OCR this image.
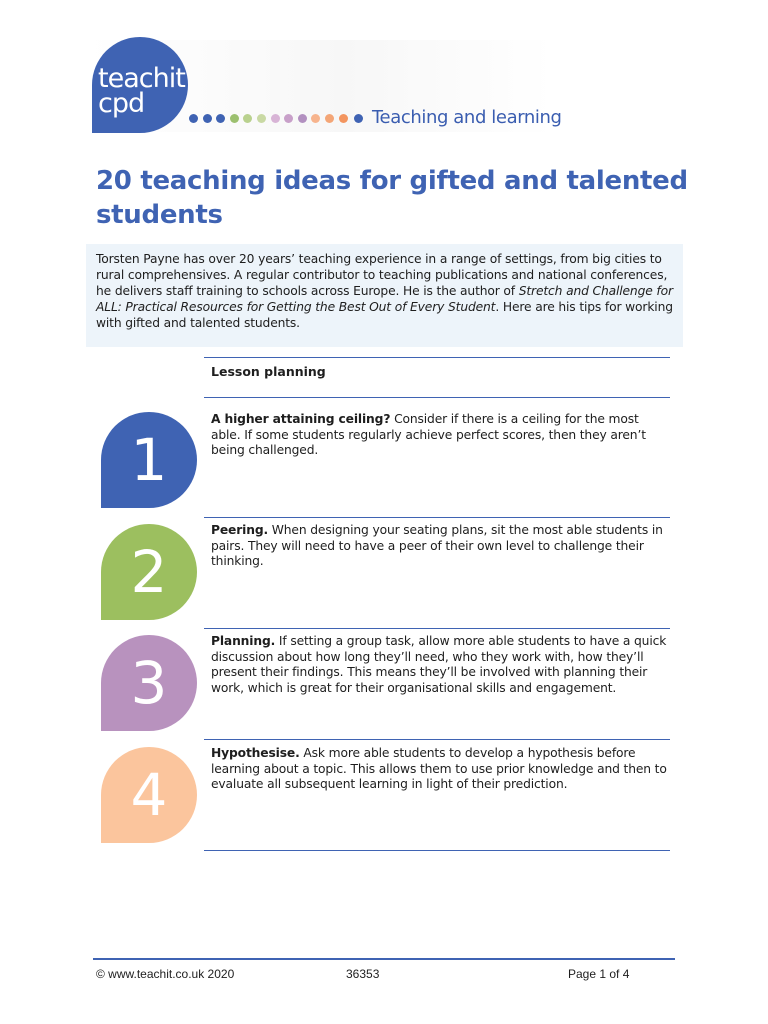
teachit
cpd	Teaching and learning
20 teaching ideas for gifted and talented students
Torsten Payne has over 20 years’ teaching experience in a range of settings, from big cities to rural comprehensives. A regular contributor to teaching publications and national conferences, he delivers staff training to schools across Europe. He is the author of Stretch and Challenge for ALL: Practical Resources for Getting the Best Out of Every Student. Here are his tips for working with gifted and talented students.
Lesson planning
1
A higher attaining ceiling? Consider if there is a ceiling for the most able. If some students regularly achieve perfect scores, then they aren’t being challenged.
2
Peering. When designing your seating plans, sit the most able students in pairs. They will need to have a peer of their own level to challenge their thinking.
3
Planning. If setting a group task, allow more able students to have a quick discussion about how long they’ll need, who they work with, how they’ll present their findings. This means they’ll be involved with planning their work, which is great for their organisational skills and engagement.
4
Hypothesise. Ask more able students to develop a hypothesis before learning about a topic. This allows them to use prior knowledge and then to evaluate all subsequent learning in light of their prediction.
© www.teachit.co.uk 2020	36353	Page 1 of 4
